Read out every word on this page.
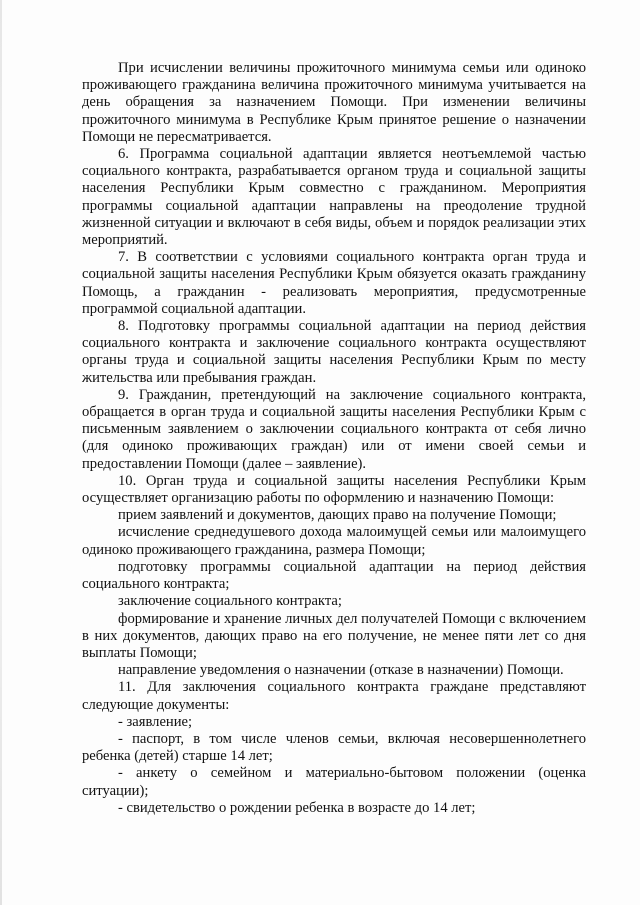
При исчислении величины прожиточного минимума семьи или одиноко проживающего гражданина величина прожиточного минимума учитывается на день обращения за назначением Помощи. При изменении величины прожиточного минимума в Республике Крым принятое решение о назначении Помощи не пересматривается.

6. Программа социальной адаптации является неотъемлемой частью социального контракта, разрабатывается органом труда и социальной защиты населения Республики Крым совместно с гражданином. Мероприятия программы социальной адаптации направлены на преодоление трудной жизненной ситуации и включают в себя виды, объем и порядок реализации этих мероприятий.

7. В соответствии с условиями социального контракта орган труда и социальной защиты населения Республики Крым обязуется оказать гражданину Помощь, а гражданин - реализовать мероприятия, предусмотренные программой социальной адаптации.

8. Подготовку программы социальной адаптации на период действия социального контракта и заключение социального контракта осуществляют органы труда и социальной защиты населения Республики Крым по месту жительства или пребывания граждан.

9. Гражданин, претендующий на заключение социального контракта, обращается в орган труда и социальной защиты населения Республики Крым с письменным заявлением о заключении социального контракта от себя лично (для одиноко проживающих граждан) или от имени своей семьи и предоставлении Помощи (далее – заявление).

10. Орган труда и социальной защиты населения Республики Крым осуществляет организацию работы по оформлению и назначению Помощи:

прием заявлений и документов, дающих право на получение Помощи;

исчисление среднедушевого дохода малоимущей семьи или малоимущего одиноко проживающего гражданина, размера Помощи;

подготовку программы социальной адаптации на период действия социального контракта;

заключение социального контракта;

формирование и хранение личных дел получателей Помощи с включением в них документов, дающих право на его получение, не менее пяти лет со дня выплаты Помощи;

направление уведомления о назначении (отказе в назначении) Помощи.

11. Для заключения социального контракта граждане представляют следующие документы:

- заявление;

- паспорт, в том числе членов семьи, включая несовершеннолетнего ребенка (детей) старше 14 лет;

- анкету о семейном и материально-бытовом положении (оценка ситуации);

- свидетельство о рождении ребенка в возрасте до 14 лет;
